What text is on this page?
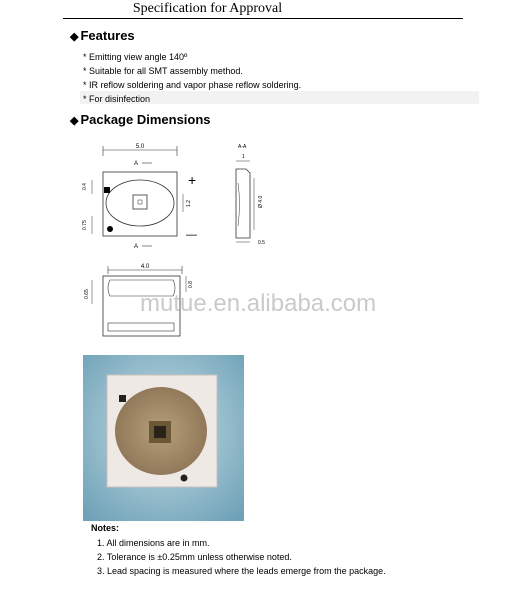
Specification for Approval
◆ Features
* Emitting view angle 140º
* Suitable for all SMT assembly method.
* IR reflow soldering and vapor phase reflow soldering.
* For disinfection
◆ Package Dimensions
5.0
A
0.4
0.75
1.2
A
+
—
A-A
1
Ø 4.0
0.5
4.0
0.65
0.8
mutue.en.alibaba.com
Notes:
1. All dimensions are in mm.
2. Tolerance is ±0.25mm unless otherwise noted.
3. Lead spacing is measured where the leads emerge from the package.
